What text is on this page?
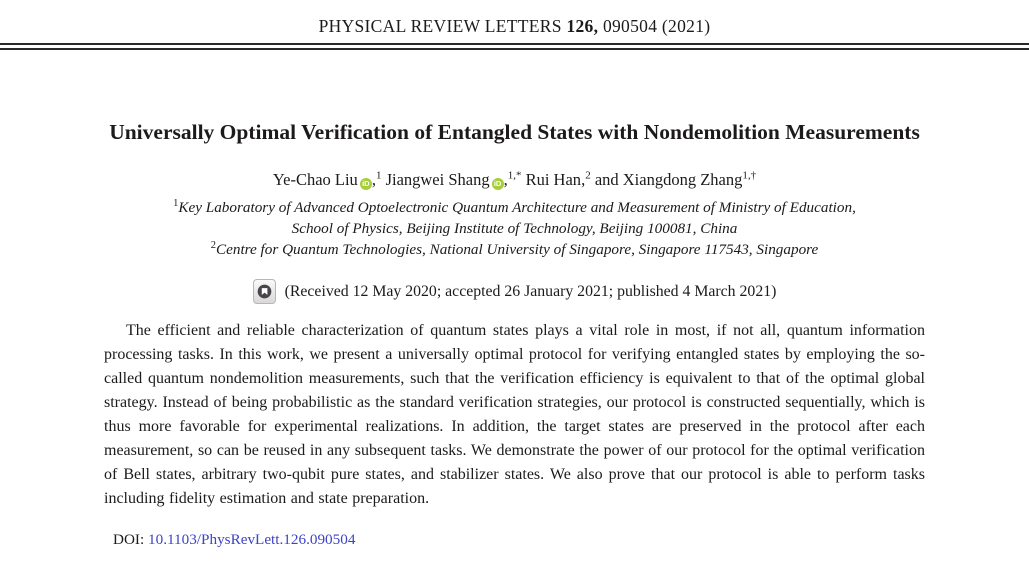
PHYSICAL REVIEW LETTERS 126, 090504 (2021)
Universally Optimal Verification of Entangled States with Nondemolition Measurements
Ye-Chao Liu iD ,$^1$ Jiangwei Shang iD ,$^{1,*}$ Rui Han,$^2$ and Xiangdong Zhang$^{1,\dagger}$
$^1$Key Laboratory of Advanced Optoelectronic Quantum Architecture and Measurement of Ministry of Education,
School of Physics, Beijing Institute of Technology, Beijing 100081, China
$^2$Centre for Quantum Technologies, National University of Singapore, Singapore 117543, Singapore
(Received 12 May 2020; accepted 26 January 2021; published 4 March 2021)

The efficient and reliable characterization of quantum states plays a vital role in most, if not all, quantum information processing tasks. In this work, we present a universally optimal protocol for verifying entangled states by employing the so-called quantum nondemolition measurements, such that the verification efficiency is equivalent to that of the optimal global strategy. Instead of being probabilistic as the standard verification strategies, our protocol is constructed sequentially, which is thus more favorable for experimental realizations. In addition, the target states are preserved in the protocol after each measurement, so can be reused in any subsequent tasks. We demonstrate the power of our protocol for the optimal verification of Bell states, arbitrary two-qubit pure states, and stabilizer states. We also prove that our protocol is able to perform tasks including fidelity estimation and state preparation.

DOI: 10.1103/PhysRevLett.126.090504
